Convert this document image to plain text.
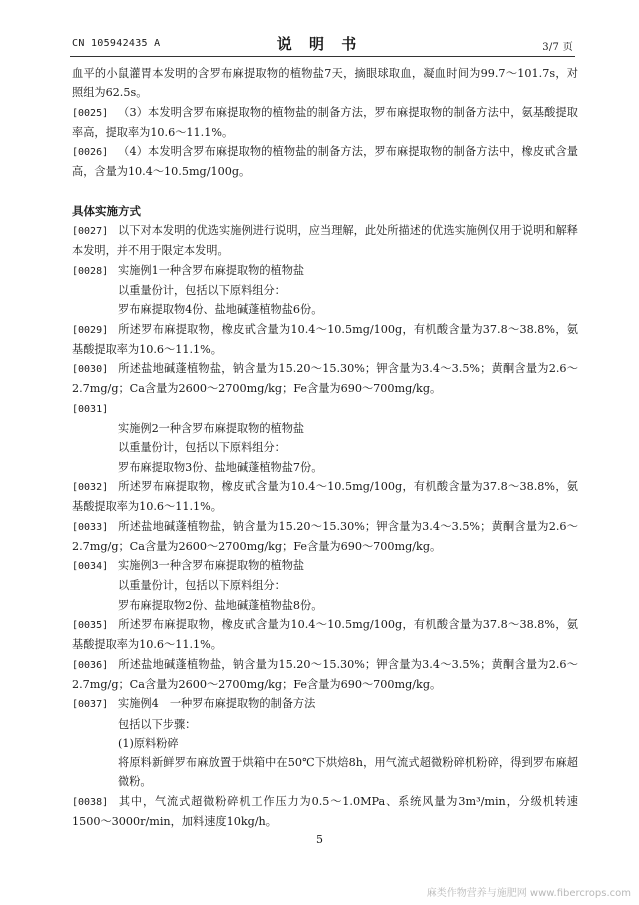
CN 105942435 A	说 明 书	3/7 页

血平的小鼠灌胃本发明的含罗布麻提取物的植物盐7天，摘眼球取血，凝血时间为99.7～101.7s，对照组为62.5s。

[0025] （3）本发明含罗布麻提取物的植物盐的制备方法，罗布麻提取物的制备方法中，氨基酸提取率高，提取率为10.6～11.1%。

[0026] （4）本发明含罗布麻提取物的植物盐的制备方法，罗布麻提取物的制备方法中，橡皮甙含量高，含量为10.4～10.5mg/100g。

具体实施方式

[0027] 以下对本发明的优选实施例进行说明，应当理解，此处所描述的优选实施例仅用于说明和解释本发明，并不用于限定本发明。

[0028] 实施例1一种含罗布麻提取物的植物盐

以重量份计，包括以下原料组分：

罗布麻提取物4份、盐地碱蓬植物盐6份。

[0029] 所述罗布麻提取物，橡皮甙含量为10.4～10.5mg/100g，有机酸含量为37.8～38.8%，氨基酸提取率为10.6～11.1%。

[0030] 所述盐地碱蓬植物盐，钠含量为15.20～15.30%；钾含量为3.4～3.5%；黄酮含量为2.6～2.7mg/g；Ca含量为2600～2700mg/kg；Fe含量为690～700mg/kg。

[0031]

实施例2一种含罗布麻提取物的植物盐

以重量份计，包括以下原料组分：

罗布麻提取物3份、盐地碱蓬植物盐7份。

[0032] 所述罗布麻提取物，橡皮甙含量为10.4～10.5mg/100g，有机酸含量为37.8～38.8%，氨基酸提取率为10.6～11.1%。

[0033] 所述盐地碱蓬植物盐，钠含量为15.20～15.30%；钾含量为3.4～3.5%；黄酮含量为2.6～2.7mg/g；Ca含量为2600～2700mg/kg；Fe含量为690～700mg/kg。

[0034] 实施例3一种含罗布麻提取物的植物盐

以重量份计，包括以下原料组分：

罗布麻提取物2份、盐地碱蓬植物盐8份。

[0035] 所述罗布麻提取物，橡皮甙含量为10.4～10.5mg/100g，有机酸含量为37.8～38.8%，氨基酸提取率为10.6～11.1%。

[0036] 所述盐地碱蓬植物盐，钠含量为15.20～15.30%；钾含量为3.4～3.5%；黄酮含量为2.6～2.7mg/g；Ca含量为2600～2700mg/kg；Fe含量为690～700mg/kg。

[0037] 实施例4　一种罗布麻提取物的制备方法

包括以下步骤：

(1)原料粉碎

将原料新鲜罗布麻放置于烘箱中在50℃下烘焙8h，用气流式超微粉碎机粉碎，得到罗布麻超微粉。

[0038] 其中，气流式超微粉碎机工作压力为0.5～1.0MPa、系统风量为3m³/min，分级机转速1500～3000r/min，加料速度10kg/h。

5
麻类作物营养与施肥网 www.fibercrops.com
